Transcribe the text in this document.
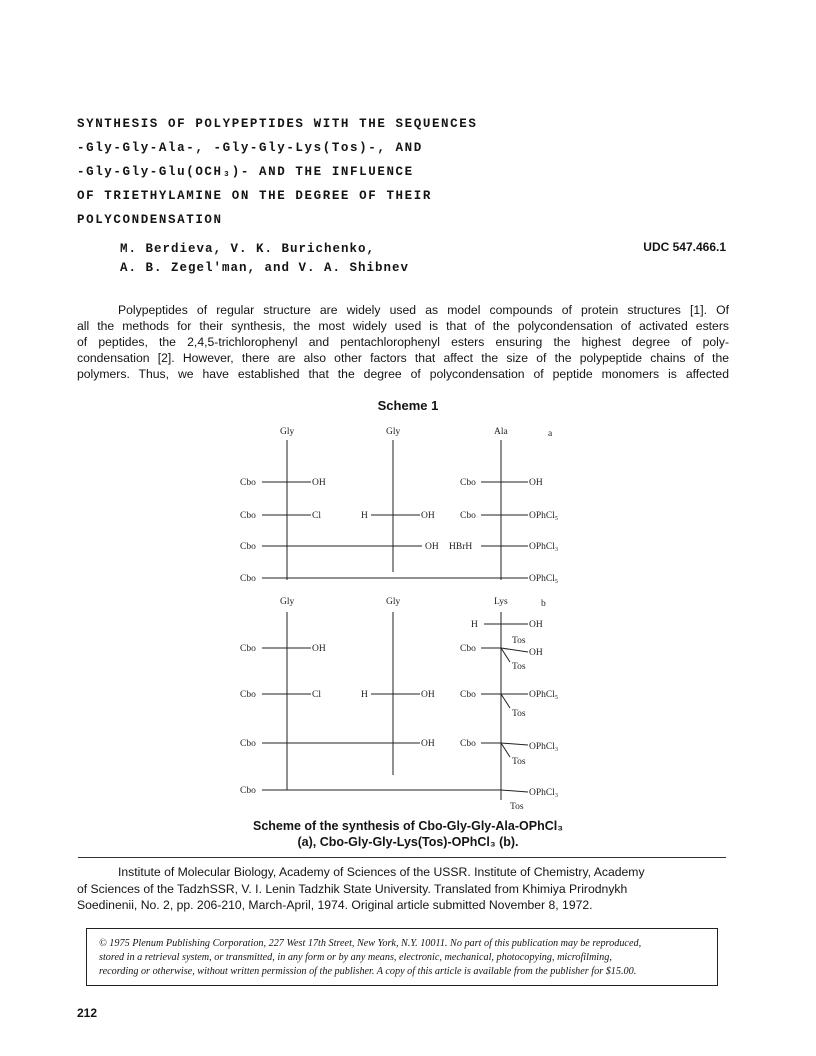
SYNTHESIS OF POLYPEPTIDES WITH THE SEQUENCES
-Gly-Gly-Ala-, -Gly-Gly-Lys(Tos)-, AND
-Gly-Gly-Glu(OCH₃)- AND THE INFLUENCE
OF TRIETHYLAMINE ON THE DEGREE OF THEIR
POLYCONDENSATION
M. Berdieva, V. K. Burichenko,
A. B. Zegel'man, and V. A. Shibnev
UDC 547.466.1
Polypeptides of regular structure are widely used as model compounds of protein structures [1]. Of
all the methods for their synthesis, the most widely used is that of the polycondensation of activated esters
of peptides, the 2,4,5-trichlorophenyl and pentachlorophenyl esters ensuring the highest degree of poly-
condensation [2]. However, there are also other factors that affect the size of the polypeptide chains of the
polymers. Thus, we have established that the degree of polycondensation of peptide monomers is affected
Scheme 1
Gly	Gly	Ala	a
Cbo	OH	Cbo	OH
Cbo	Cl	H	OH	Cbo	OPhCl₅
Cbo	OH HBrH	OPhCl₃
Cbo	OPhCl₅
Gly	Gly	Lys	b
H	OH
Cbo	OH	Cbo
Tos
OH
Tos
Cbo	Cl	H	OH	Cbo	OPhCl₅
Tos
Cbo	OH	Cbo	OPhCl₃
Tos
Cbo	OPhCl₃
Tos
Scheme of the synthesis of Cbo-Gly-Gly-Ala-OPhCl₃
(a), Cbo-Gly-Gly-Lys(Tos)-OPhCl₃ (b).
Institute of Molecular Biology, Academy of Sciences of the USSR. Institute of Chemistry, Academy
of Sciences of the TadzhSSR, V. I. Lenin Tadzhik State University. Translated from Khimiya Prirodnykh
Soedinenii, No. 2, pp. 206-210, March-April, 1974. Original article submitted November 8, 1972.
© 1975 Plenum Publishing Corporation, 227 West 17th Street, New York, N.Y. 10011. No part of this publication may be reproduced,
stored in a retrieval system, or transmitted, in any form or by any means, electronic, mechanical, photocopying, microfilming,
recording or otherwise, without written permission of the publisher. A copy of this article is available from the publisher for $15.00.
212
